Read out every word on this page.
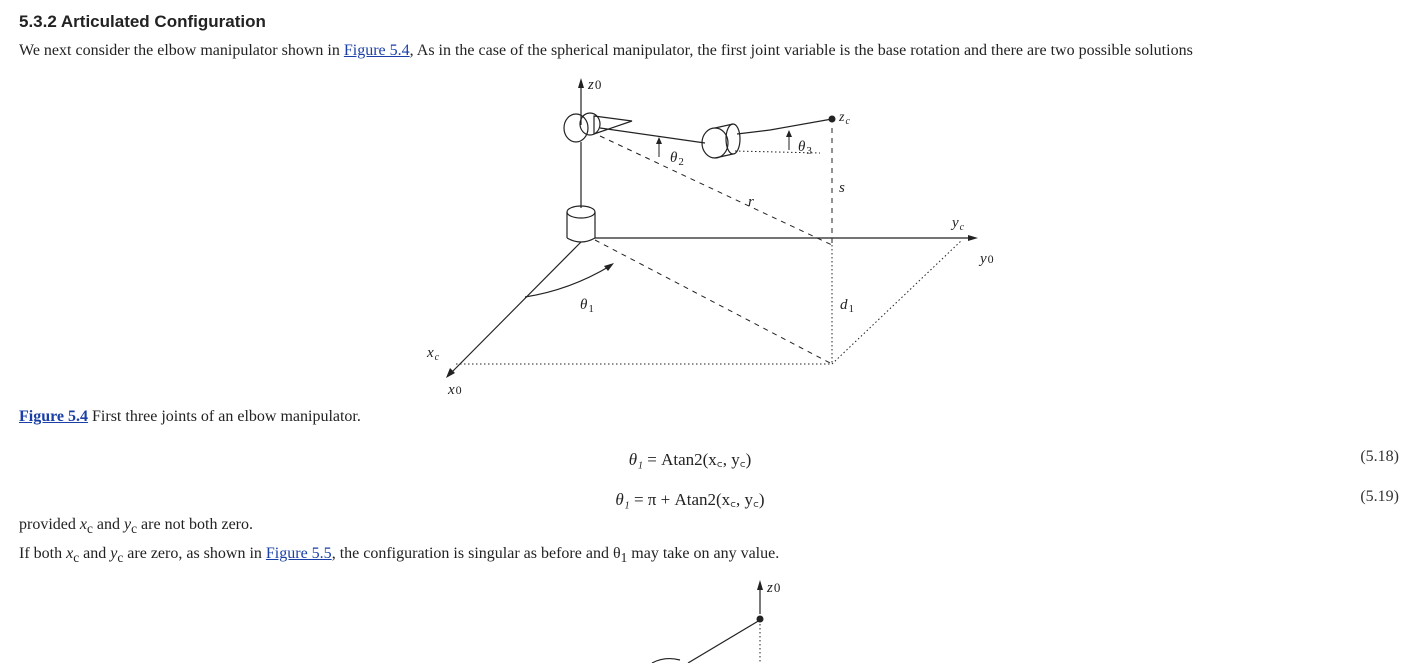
5.3.2 Articulated Configuration

We next consider the elbow manipulator shown in Figure 5.4, As in the case of the spherical manipulator, the first joint variable is the base rotation and there are two possible solutions

z0
$z_c$
$\theta_2$
$\theta_3$
s
r
$y_c$
y0
$\theta_1$	$d_1$
$x_c$
x0
z0
Figure 5.4 First three joints of an elbow manipulator.
θ₁ = Atan2(x꜀, y꜀)	(5.18)
θ₁ = π + Atan2(x꜀, y꜀)	(5.19)

provided $x_c$ and $y_c$ are not both zero.

If both $x_c$ and $y_c$ are zero, as shown in Figure 5.5, the configuration is singular as before and $\theta_1$ may take on any value.
